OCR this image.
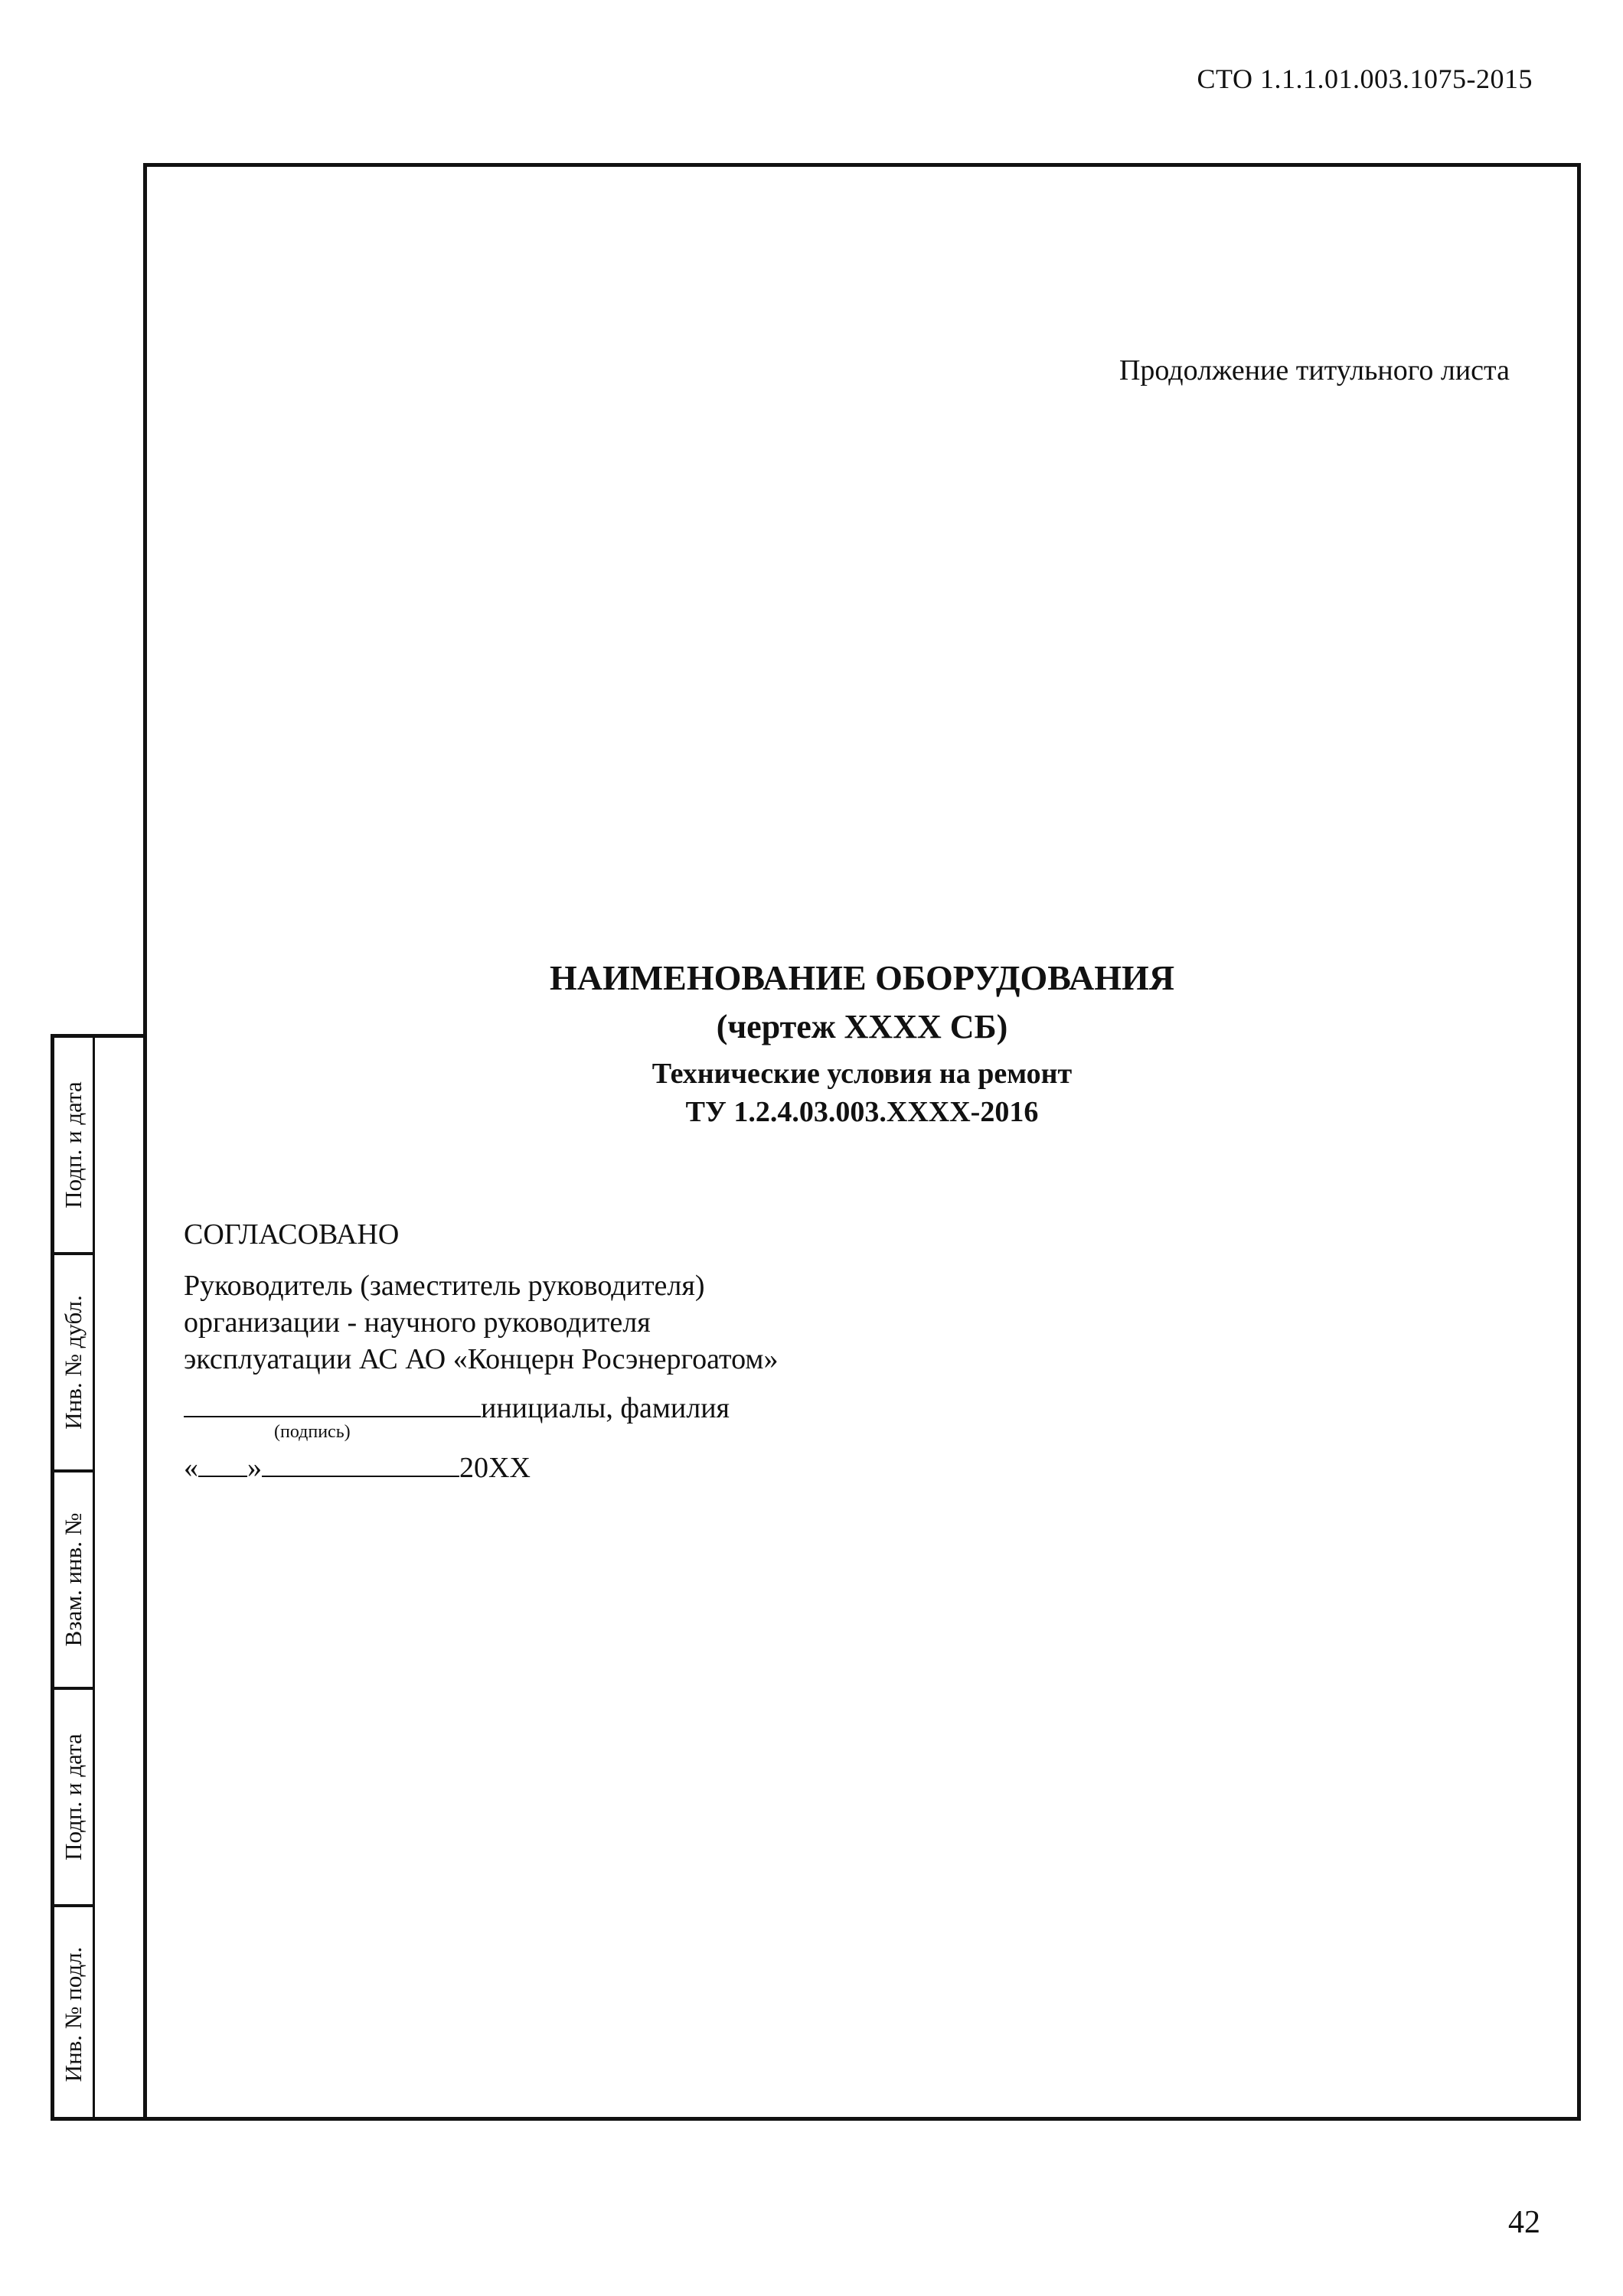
СТО 1.1.1.01.003.1075-2015
Продолжение титульного листа
НАИМЕНОВАНИЕ ОБОРУДОВАНИЯ
(чертеж XXXX СБ)
Технические условия на ремонт
ТУ 1.2.4.03.003.XXXX-2016
СОГЛАСОВАНО
Руководитель (заместитель руководителя)
организации - научного руководителя
эксплуатации АС АО «Концерн Росэнергоатом»
инициалы, фамилия
(подпись)
« »	20XX
Подп. и дата
Инв. № дубл.
Взам. инв. №
Подп. и дата
Инв. № подл.
42
